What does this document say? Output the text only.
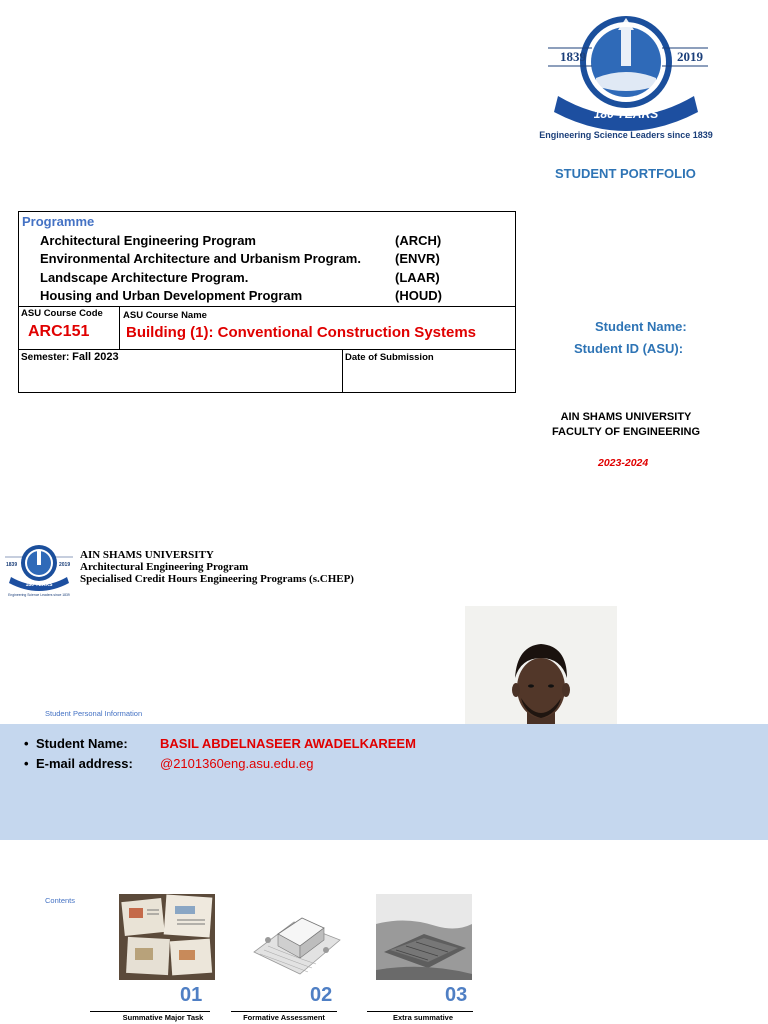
1839	2019
180 YEARS
Engineering Science Leaders since 1839
STUDENT PORTFOLIO
Programme
Architectural Engineering Program	(ARCH)
Environmental Architecture and Urbanism Program.	(ENVR)
Landscape Architecture Program.	(LAAR)
Housing and Urban Development Program	(HOUD)
ASU Course Code
ARC151
ASU Course Name
Building (1): Conventional Construction Systems
Semester: Fall 2023	Date of Submission
Student Name:
Student ID (ASU):
AIN SHAMS UNIVERSITY
FACULTY OF ENGINEERING
2023-2024
180 YEARS
Engineering Science Leaders since 1839
1839	2019
AIN SHAMS UNIVERSITY
Architectural Engineering Program
Specialised Credit Hours Engineering Programs (s.CHEP)
Student Personal Information
• Student Name: BASIL ABDELNASEER AWADELKAREEM
• E-mail address: @2101360eng.asu.edu.eg
Contents
01	02	03
Summative Major Task	Formative Assessment	Extra summative
